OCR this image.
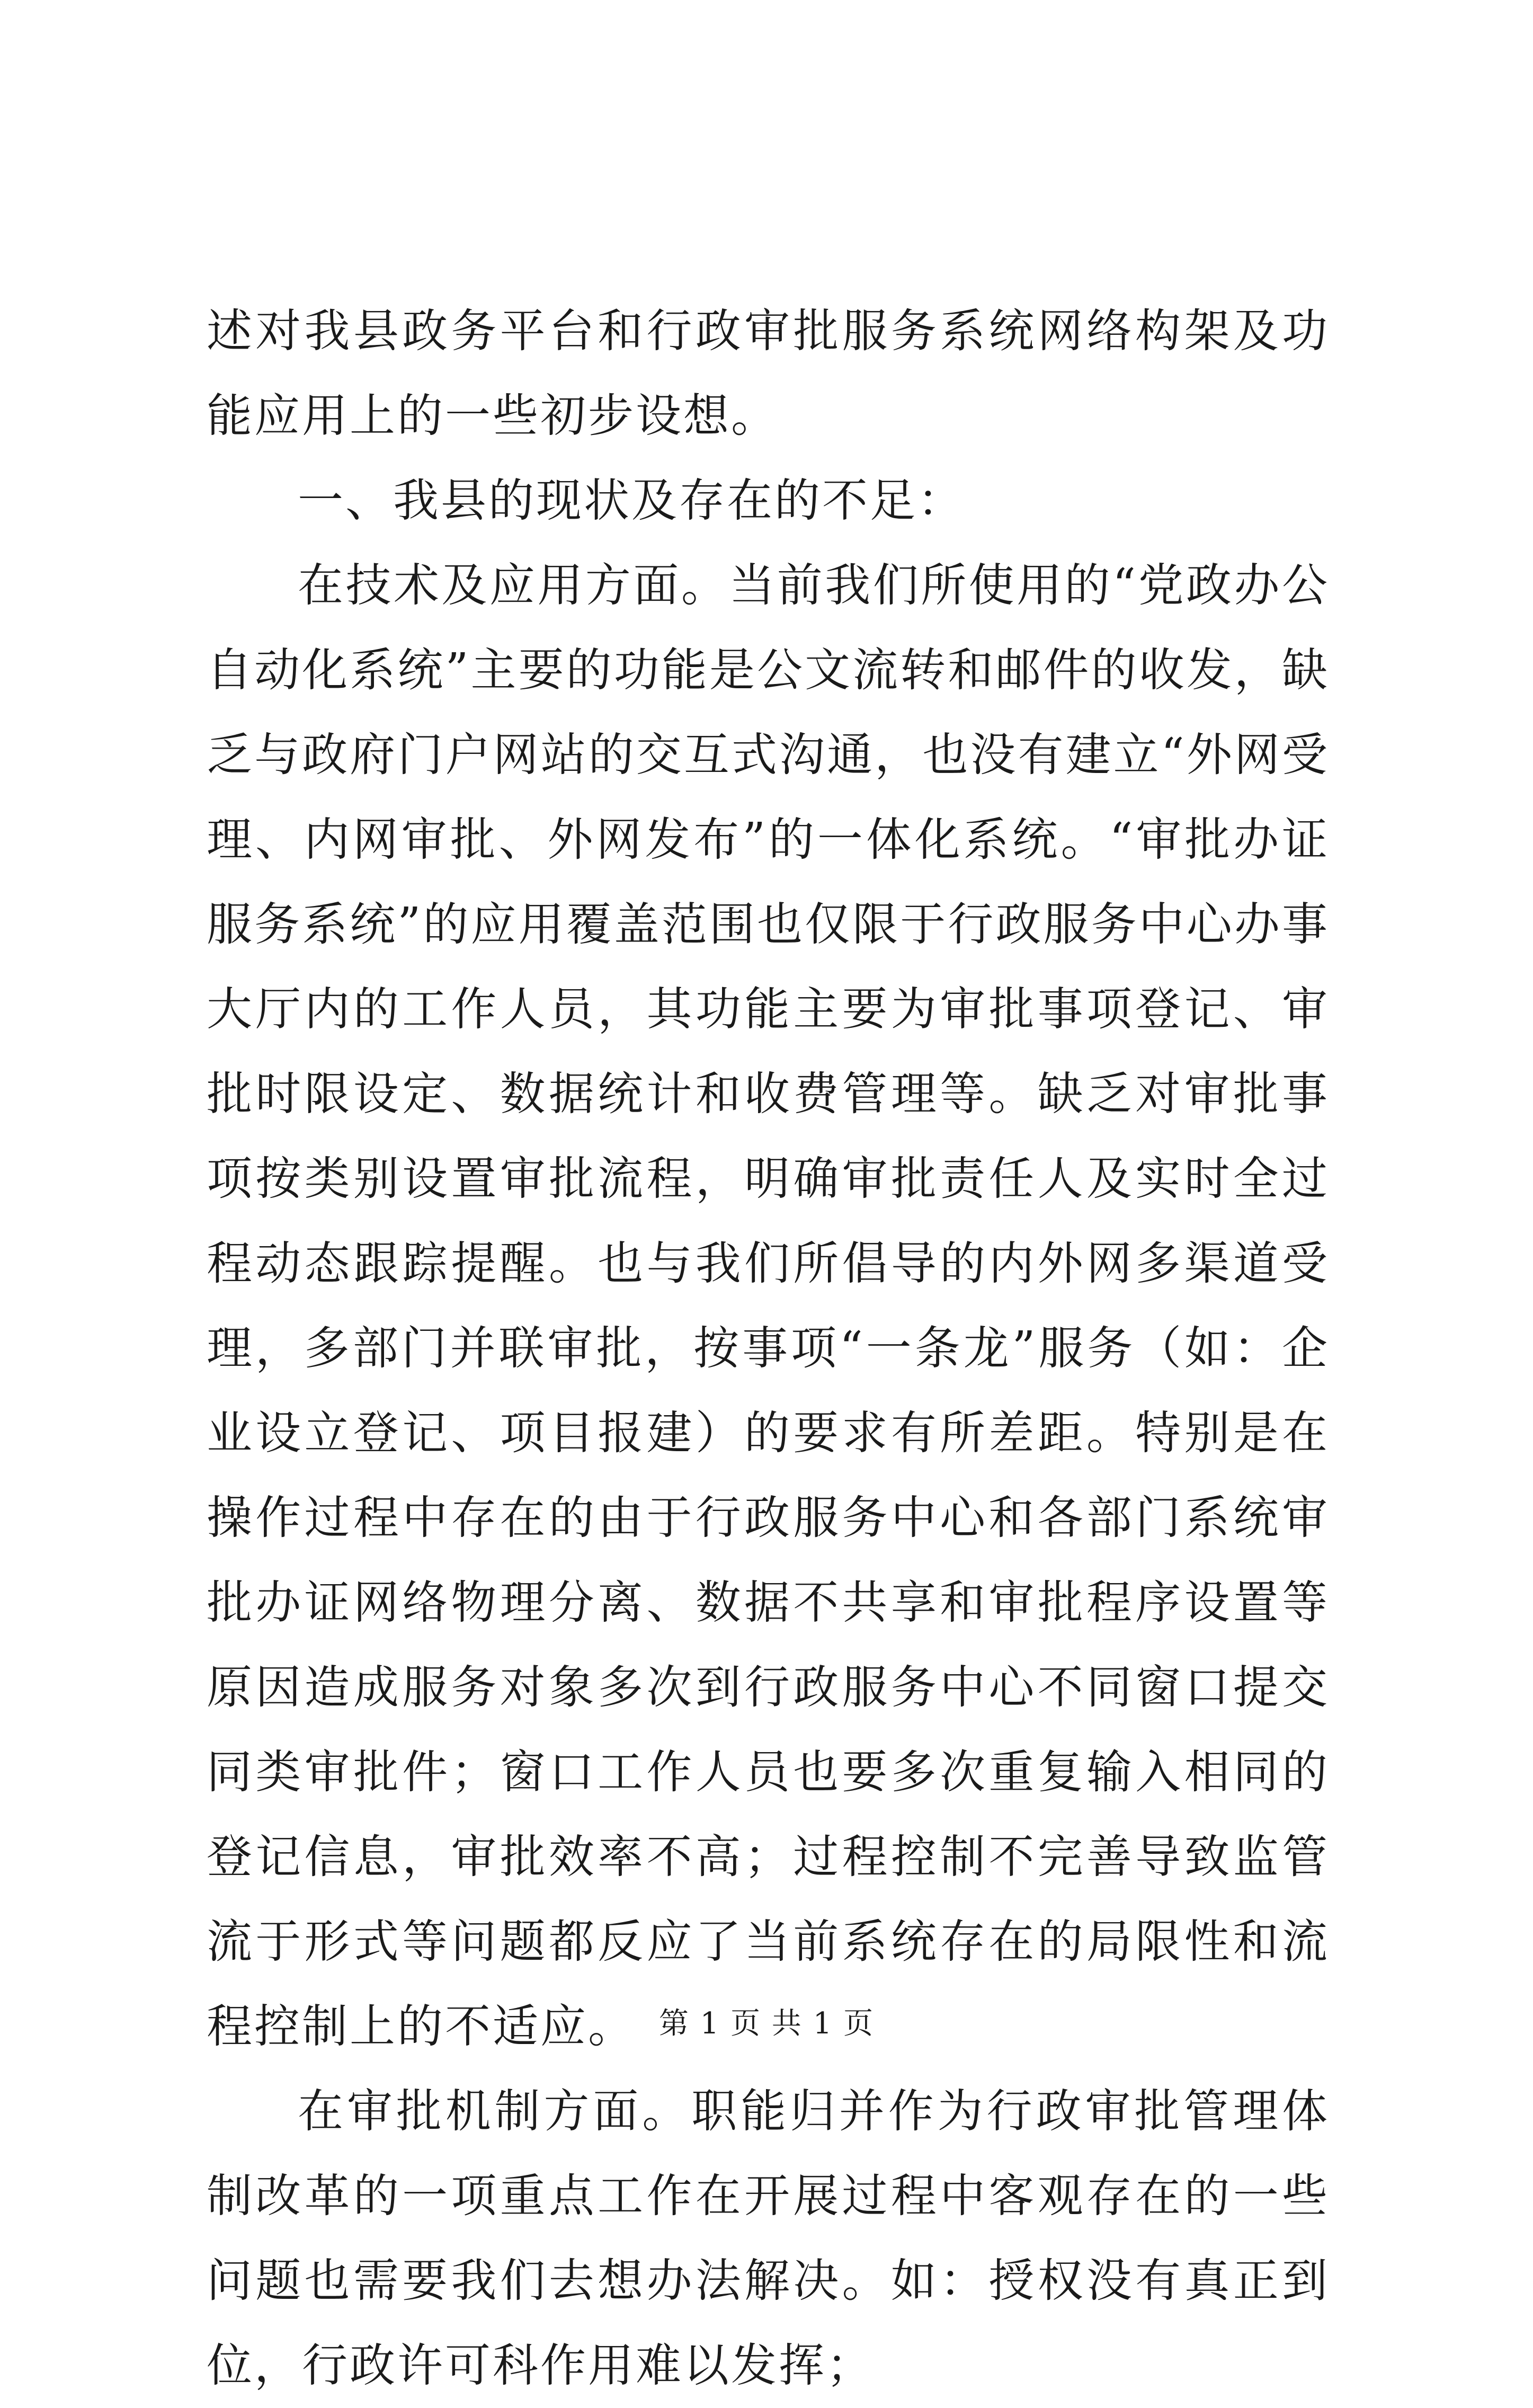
述对我县政务平台和行政审批服务系统网络构架及功能应用上的一些初步设想。

一、我县的现状及存在的不足：

在技术及应用方面。当前我们所使用的“党政办公自动化系统”主要的功能是公文流转和邮件的收发，缺乏与政府门户网站的交互式沟通，也没有建立“外网受理、内网审批、外网发布”的一体化系统。“审批办证服务系统”的应用覆盖范围也仅限于行政服务中心办事大厅内的工作人员，其功能主要为审批事项登记、审批时限设定、数据统计和收费管理等。缺乏对审批事项按类别设置审批流程，明确审批责任人及实时全过程动态跟踪提醒。也与我们所倡导的内外网多渠道受理，多部门并联审批，按事项“一条龙”服务（如：企业设立登记、项目报建）的要求有所差距。特别是在操作过程中存在的由于行政服务中心和各部门系统审批办证网络物理分离、数据不共享和审批程序设置等原因造成服务对象多次到行政服务中心不同窗口提交同类审批件；窗口工作人员也要多次重复输入相同的登记信息，审批效率不高；过程控制不完善导致监管流于形式等问题都反应了当前系统存在的局限性和流程控制上的不适应。

在审批机制方面。职能归并作为行政审批管理体制改革的一项重点工作在开展过程中客观存在的一些问题也需要我们去想办法解决。如：授权没有真正到位，行政许可科作用难以发挥；

第 1 页 共 1 页
